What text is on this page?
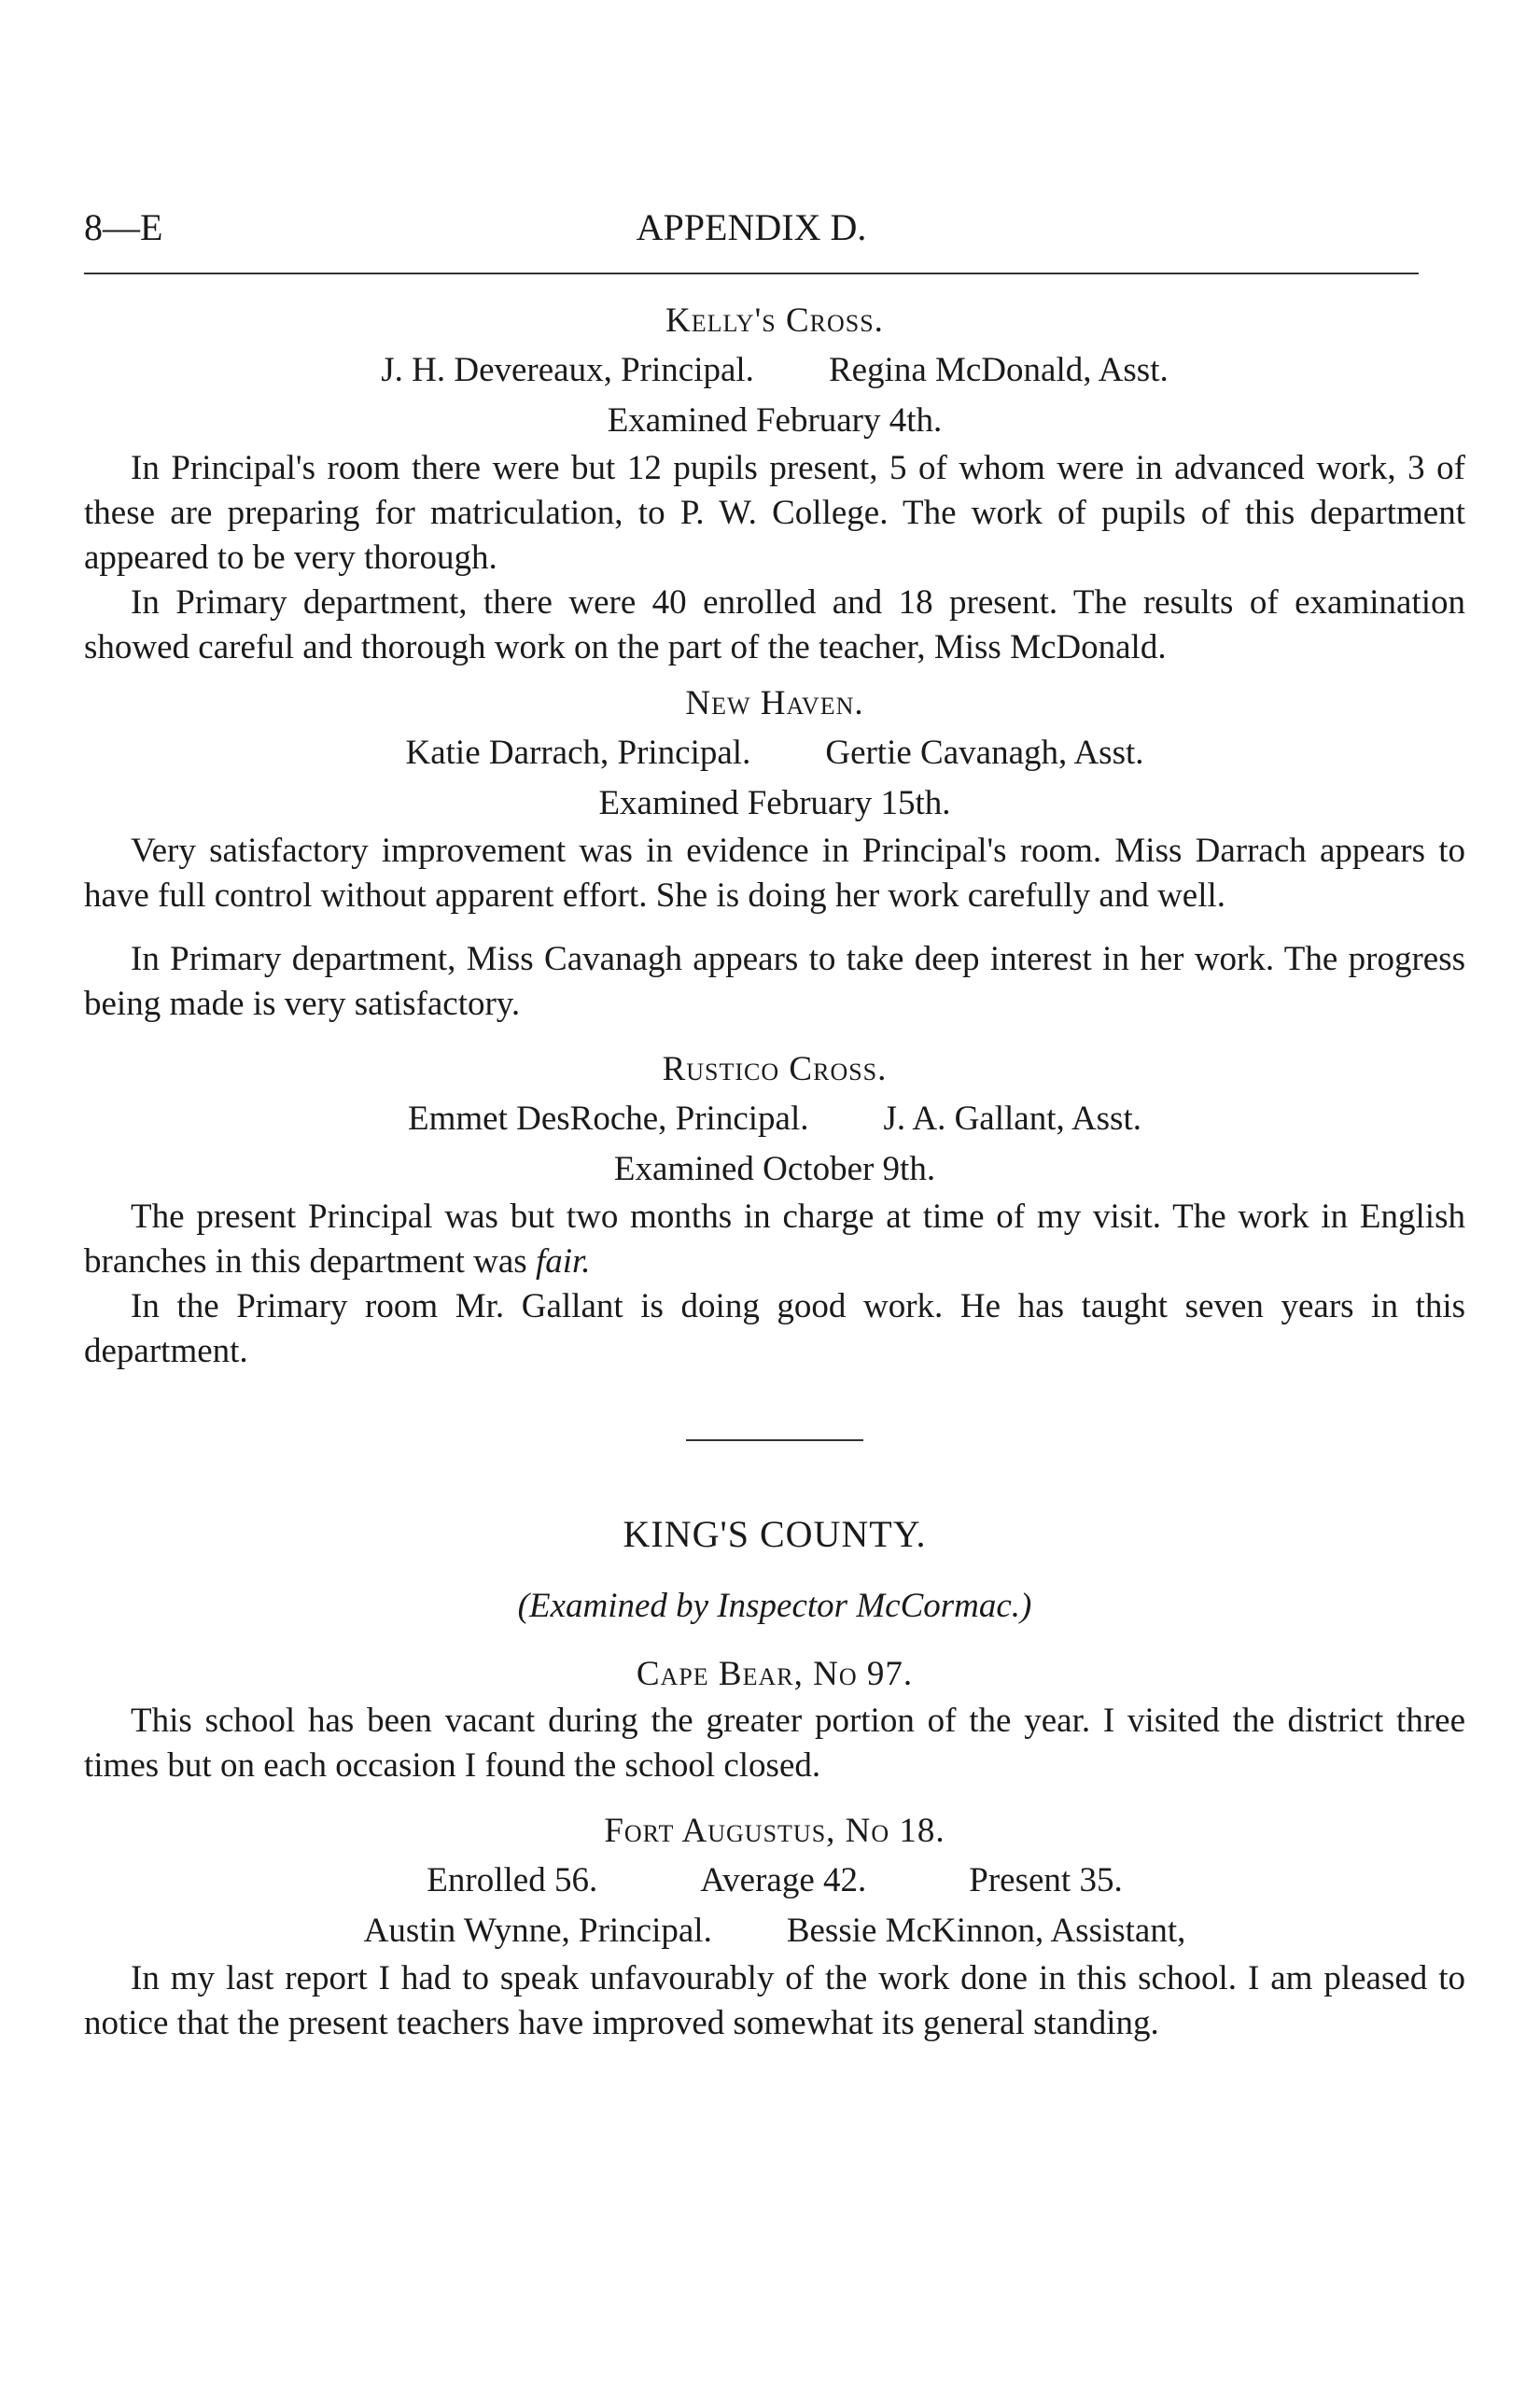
8—E	APPENDIX D.
Kelly's Cross.
J. H. Devereaux, Principal. Regina McDonald, Asst.
Examined February 4th.

In Principal's room there were but 12 pupils present, 5 of whom were in advanced work, 3 of these are preparing for matriculation, to P. W. College. The work of pupils of this department appeared to be very thorough.

In Primary department, there were 40 enrolled and 18 present. The results of examination showed careful and thorough work on the part of the teacher, Miss McDonald.

New Haven.
Katie Darrach, Principal. Gertie Cavanagh, Asst.
Examined February 15th.

Very satisfactory improvement was in evidence in Principal's room. Miss Darrach appears to have full control without apparent effort. She is doing her work carefully and well.

In Primary department, Miss Cavanagh appears to take deep interest in her work. The progress being made is very satisfactory.

Rustico Cross.
Emmet DesRoche, Principal. J. A. Gallant, Asst.
Examined October 9th.

The present Principal was but two months in charge at time of my visit. The work in English branches in this department was fair.

In the Primary room Mr. Gallant is doing good work. He has taught seven years in this department.

KING'S COUNTY.
(Examined by Inspector McCormac.)
Cape Bear, No 97.

This school has been vacant during the greater portion of the year. I visited the district three times but on each occasion I found the school closed.

Fort Augustus, No 18.
Enrolled 56.	Average 42.	Present 35.
Austin Wynne, Principal. Bessie McKinnon, Assistant,

In my last report I had to speak unfavourably of the work done in this school. I am pleased to notice that the present teachers have improved somewhat its general standing.
